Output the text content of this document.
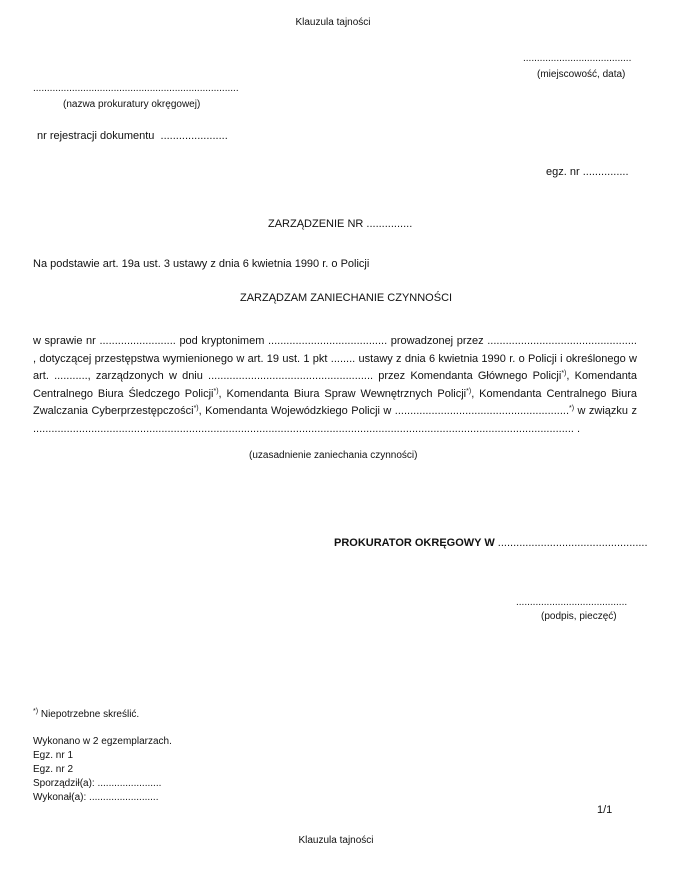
Klauzula tajności
.......................................
(miejscowość, data)
..........................................................................
(nazwa prokuratury okręgowej)
nr rejestracji dokumentu ......................
egz. nr ...............
ZARZĄDZENIE NR ...............
Na podstawie art. 19a ust. 3 ustawy z dnia 6 kwietnia 1990 r. o Policji
ZARZĄDZAM ZANIECHANIE CZYNNOŚCI
w sprawie nr ......................... pod kryptonimem ....................................... prowadzonej przez ................................................. , dotyczącej przestępstwa wymienionego w art. 19 ust. 1 pkt ........ ustawy z dnia 6 kwietnia 1990 r. o Policji i określonego w art. ..........., zarządzonych w dniu ...................................................... przez Komendanta Głównego Policji*), Komendanta Centralnego Biura Śledczego Policji*), Komendanta Biura Spraw Wewnętrznych Policji*), Komendanta Centralnego Biura Zwalczania Cyberprzestępczości*), Komendanta Wojewódzkiego Policji w .........................................................*) w związku z ................................................................................................................................................................................. .
(uzasadnienie zaniechania czynności)
PROKURATOR OKRĘGOWY W .................................................
........................................
(podpis, pieczęć)
*) Niepotrzebne skreślić.
Wykonano w 2 egzemplarzach.
Egz. nr 1
Egz. nr 2
Sporządził(a): .......................
Wykonał(a): .........................
1/1
Klauzula tajności
